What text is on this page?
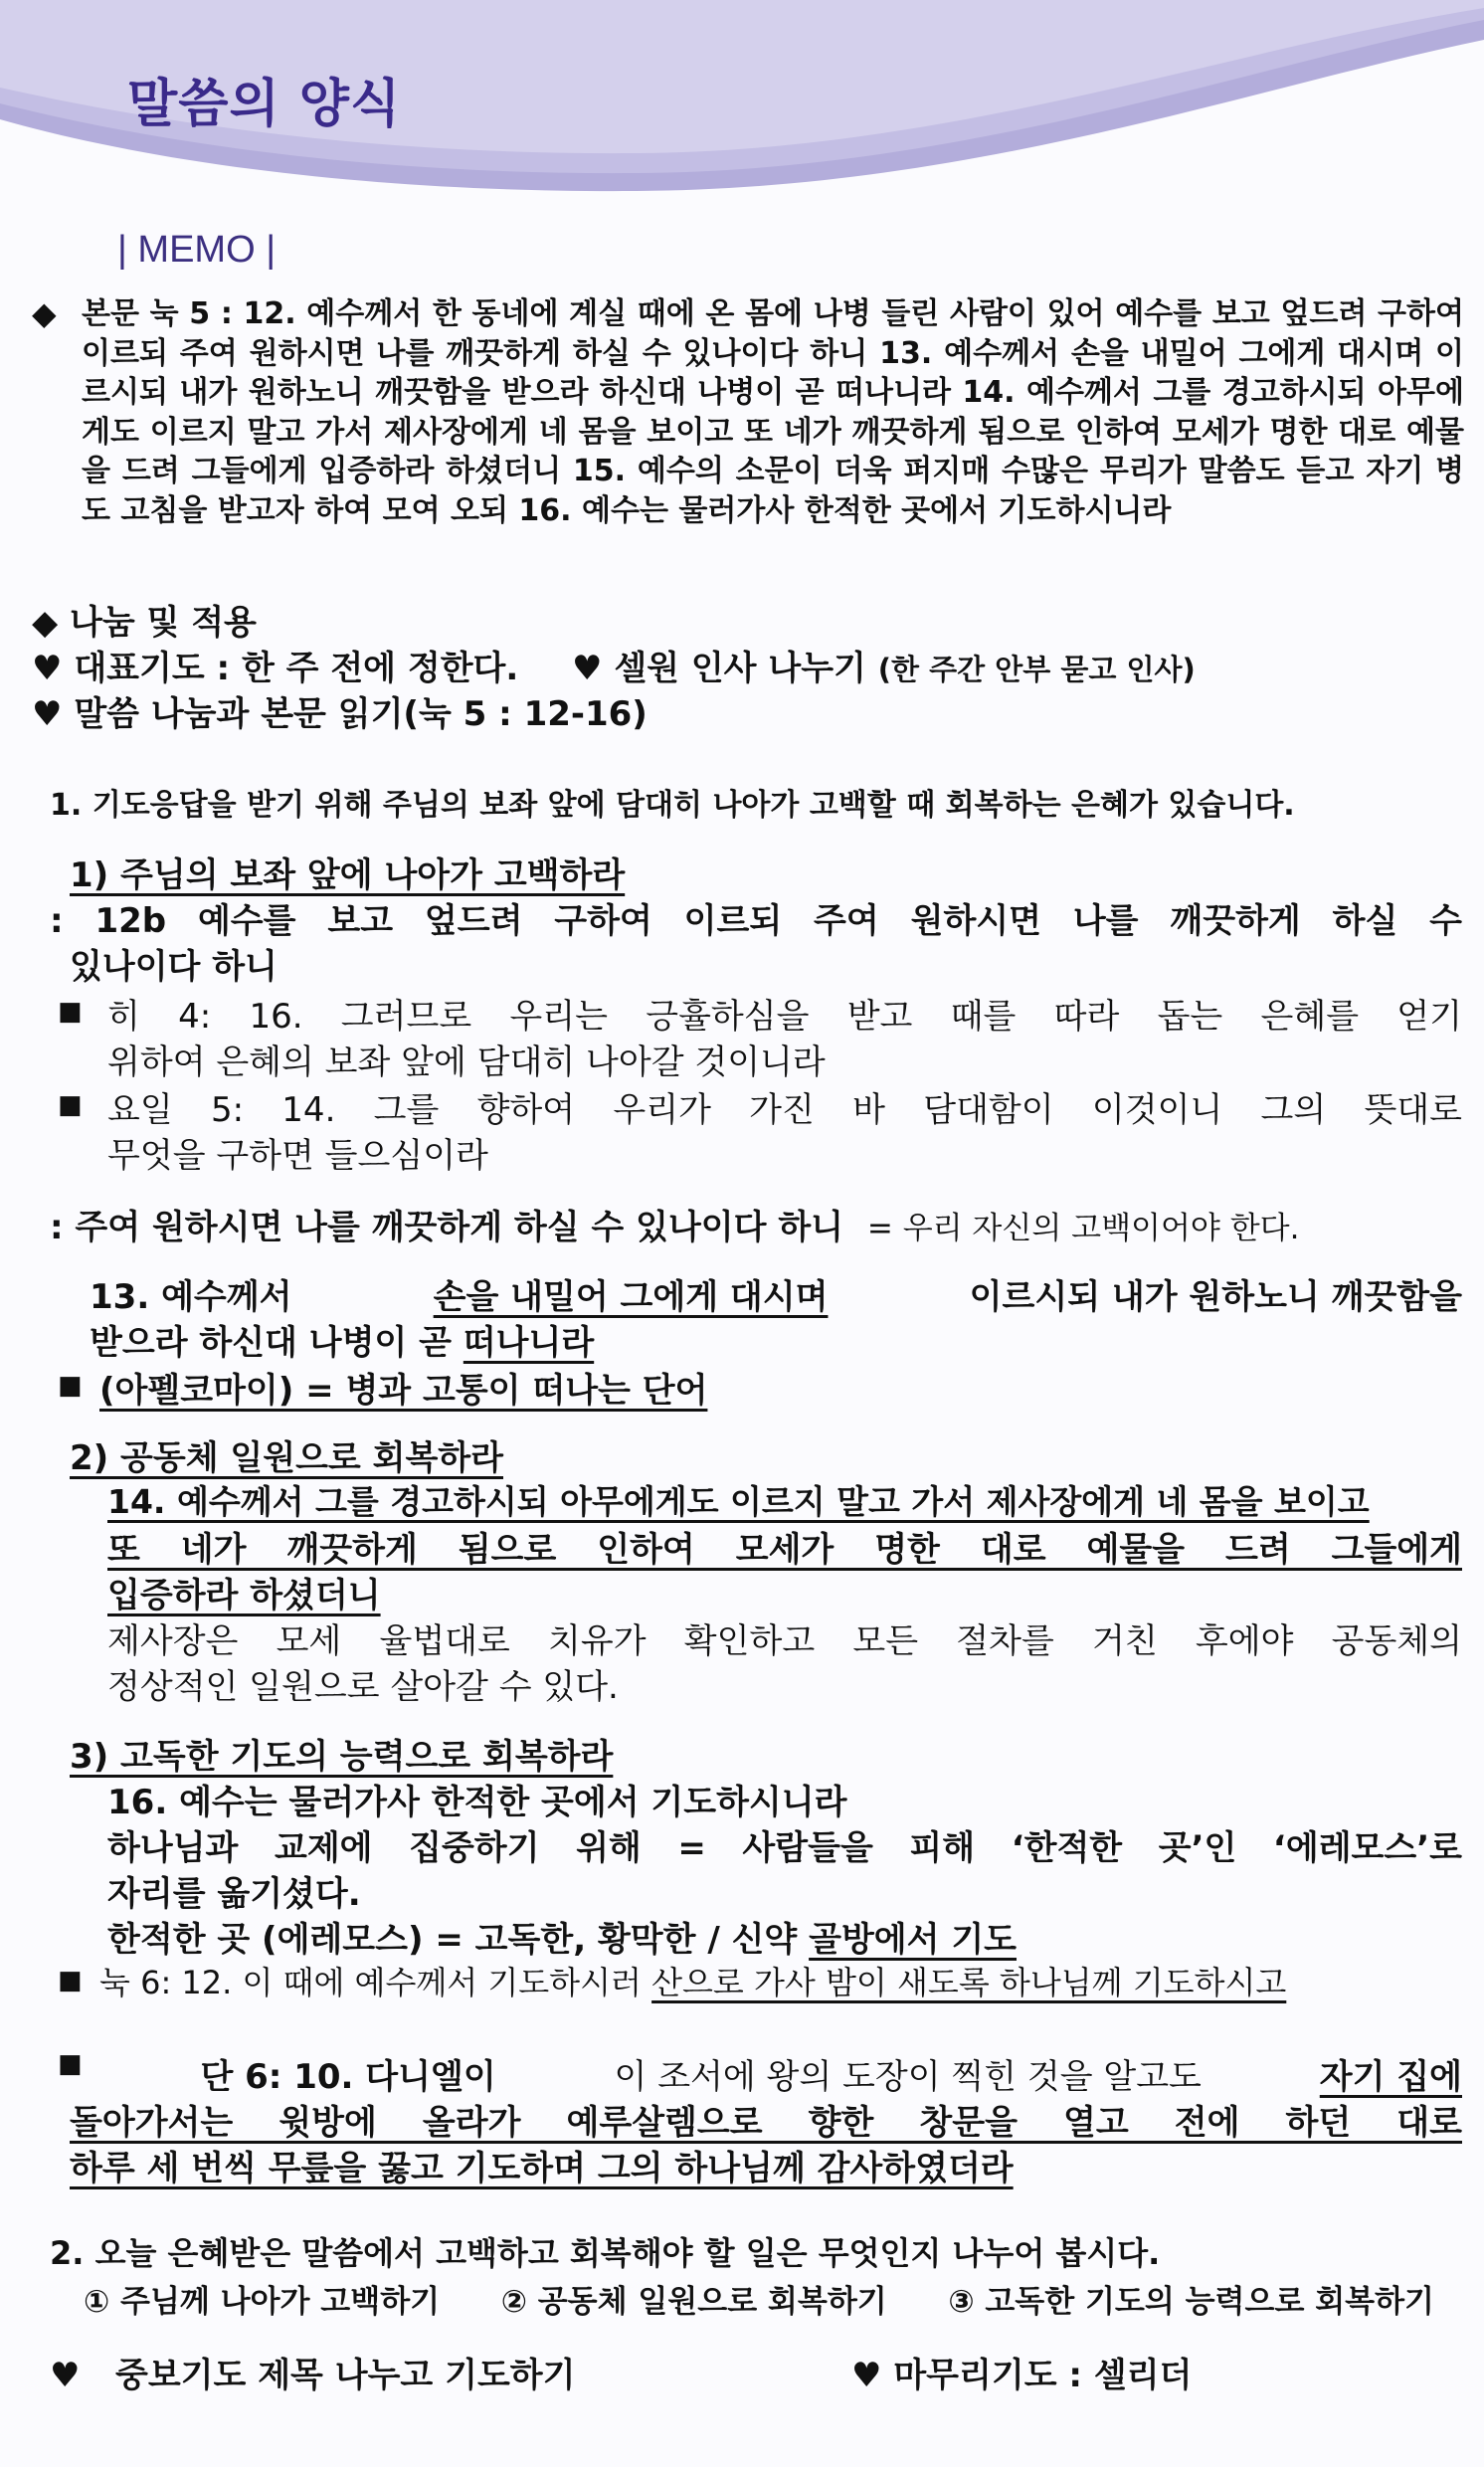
말씀의 양식
| MEMO |
◆ 본문 눅 5 : 12. 예수께서 한 동네에 계실 때에 온 몸에 나병 들린 사람이 있어 예수를 보고 엎드려 구하여 이르되 주여 원하시면 나를 깨끗하게 하실 수 있나이다 하니 13. 예수께서 손을 내밀어 그에게 대시며 이르시되 내가 원하노니 깨끗함을 받으라 하신대 나병이 곧 떠나니라 14. 예수께서 그를 경고하시되 아무에게도 이르지 말고 가서 제사장에게 네 몸을 보이고 또 네가 깨끗하게 됨으로 인하여 모세가 명한 대로 예물을 드려 그들에게 입증하라 하셨더니 15. 예수의 소문이 더욱 퍼지매 수많은 무리가 말씀도 듣고 자기 병도 고침을 받고자 하여 모여 오되 16. 예수는 물러가사 한적한 곳에서 기도하시니라
◆ 나눔 및 적용
♥ 대표기도 : 한 주 전에 정한다. ♥ 셀원 인사 나누기 (한 주간 안부 묻고 인사)
♥ 말씀 나눔과 본문 읽기(눅 5 : 12-16)
1. 기도응답을 받기 위해 주님의 보좌 앞에 담대히 나아가 고백할 때 회복하는 은혜가 있습니다.
1) 주님의 보좌 앞에 나아가 고백하라
: 12b 예수를 보고 엎드려 구하여 이르되 주여 원하시면 나를 깨끗하게 하실 수
있나이다 하니
■ 히 4: 16. 그러므로 우리는 긍휼하심을 받고 때를 따라 돕는 은혜를 얻기
위하여 은혜의 보좌 앞에 담대히 나아갈 것이니라
■ 요일 5: 14. 그를 향하여 우리가 가진 바 담대함이 이것이니 그의 뜻대로
무엇을 구하면 들으심이라
: 주여 원하시면 나를 깨끗하게 하실 수 있나이다 하니 = 우리 자신의 고백이어야 한다.
13. 예수께서	손을 내밀어 그에게 대시며	이르시되 내가 원하노니 깨끗함을
받으라 하신대 나병이 곧 떠나니라
■ (아펠코마이) = 병과 고통이 떠나는 단어
2) 공동체 일원으로 회복하라
14. 예수께서 그를 경고하시되 아무에게도 이르지 말고 가서 제사장에게 네 몸을 보이고
또 네가 깨끗하게 됨으로 인하여 모세가 명한 대로 예물을 드려 그들에게
입증하라 하셨더니
제사장은 모세 율법대로 치유가 확인하고 모든 절차를 거친 후에야 공동체의
정상적인 일원으로 살아갈 수 있다.
3) 고독한 기도의 능력으로 회복하라
16. 예수는 물러가사 한적한 곳에서 기도하시니라
하나님과 교제에 집중하기 위해 = 사람들을 피해 ‘한적한 곳’인 ‘에레모스’로
자리를 옮기셨다.
한적한 곳 (에레모스) = 고독한, 황막한 / 신약 골방에서 기도
■ 눅 6: 12. 이 때에 예수께서 기도하시러 산으로 가사 밤이 새도록 하나님께 기도하시고
■	단 6: 10. 다니엘이	이 조서에 왕의 도장이 찍힌 것을 알고도	자기 집에
돌아가서는 윗방에 올라가 예루살렘으로 향한 창문을 열고 전에 하던 대로
하루 세 번씩 무릎을 꿇고 기도하며 그의 하나님께 감사하였더라
2. 오늘 은혜받은 말씀에서 고백하고 회복해야 할 일은 무엇인지 나누어 봅시다.
① 주님께 나아가 고백하기 ② 공동체 일원으로 회복하기 ③ 고독한 기도의 능력으로 회복하기
♥   중보기도 제목 나누고 기도하기	♥ 마무리기도 : 셀리더
